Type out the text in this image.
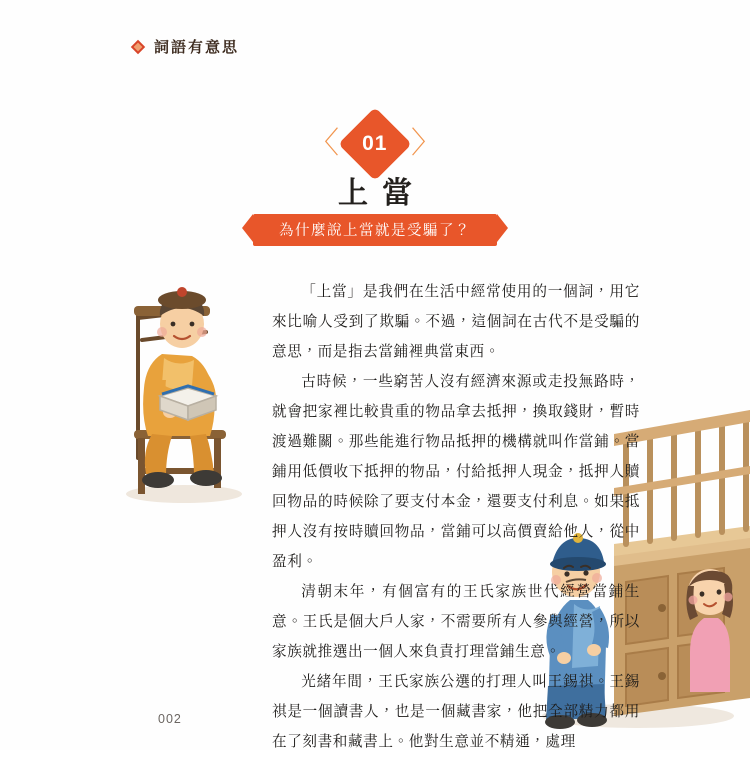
詞語有意思
〈 01 〉
上當
為什麼說上當就是受騙了？

「上當」是我們在生活中經常使用的一個詞，用它來比喻人受到了欺騙。不過，這個詞在古代不是受騙的意思，而是指去當鋪裡典當東西。

古時候，一些窮苦人沒有經濟來源或走投無路時，就會把家裡比較貴重的物品拿去抵押，換取錢財，暫時渡過難關。那些能進行物品抵押的機構就叫作當鋪。當鋪用低價收下抵押的物品，付給抵押人現金，抵押人贖回物品的時候除了要支付本金，還要支付利息。如果抵押人沒有按時贖回物品，當鋪可以高價賣給他人，從中盈利。

清朝末年，有個富有的王氏家族世代經營當鋪生意。王氏是個大戶人家，不需要所有人參與經營，所以家族就推選出一個人來負責打理當鋪生意。

光緒年間，王氏家族公選的打理人叫王錫祺。王錫祺是一個讀書人，也是一個藏書家，他把全部精力都用在了刻書和藏書上。他對生意並不精通，處理

002
